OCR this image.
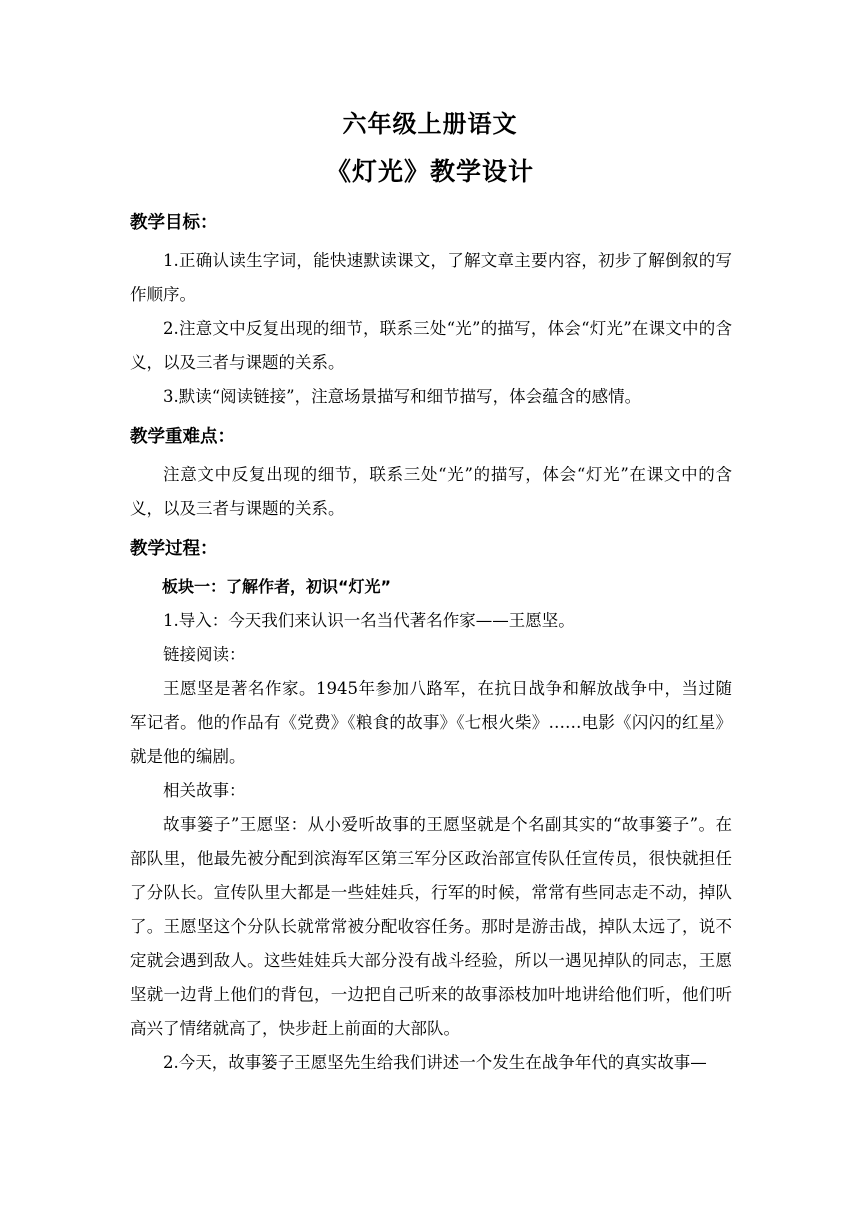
六年级上册语文
《灯光》教学设计

教学目标：

1.正确认读生字词，能快速默读课文，了解文章主要内容，初步了解倒叙的写作顺序。

2.注意文中反复出现的细节，联系三处“光”的描写，体会“灯光”在课文中的含义，以及三者与课题的关系。

3.默读“阅读链接”，注意场景描写和细节描写，体会蕴含的感情。

教学重难点：

注意文中反复出现的细节，联系三处“光”的描写，体会“灯光”在课文中的含义，以及三者与课题的关系。

教学过程：

板块一：了解作者，初识“灯光”

1.导入：今天我们来认识一名当代著名作家——王愿坚。

链接阅读：

王愿坚是著名作家。1945年参加八路军，在抗日战争和解放战争中，当过随军记者。他的作品有《党费》《粮食的故事》《七根火柴》……电影《闪闪的红星》就是他的编剧。

相关故事：

故事篓子”王愿坚：从小爱听故事的王愿坚就是个名副其实的“故事篓子”。在部队里，他最先被分配到滨海军区第三军分区政治部宣传队任宣传员，很快就担任了分队长。宣传队里大都是一些娃娃兵，行军的时候，常常有些同志走不动，掉队了。王愿坚这个分队长就常常被分配收容任务。那时是游击战，掉队太远了，说不定就会遇到敌人。这些娃娃兵大部分没有战斗经验，所以一遇见掉队的同志，王愿坚就一边背上他们的背包，一边把自己听来的故事添枝加叶地讲给他们听，他们听高兴了情绪就高了，快步赶上前面的大部队。

2.今天，故事篓子王愿坚先生给我们讲述一个发生在战争年代的真实故事—
